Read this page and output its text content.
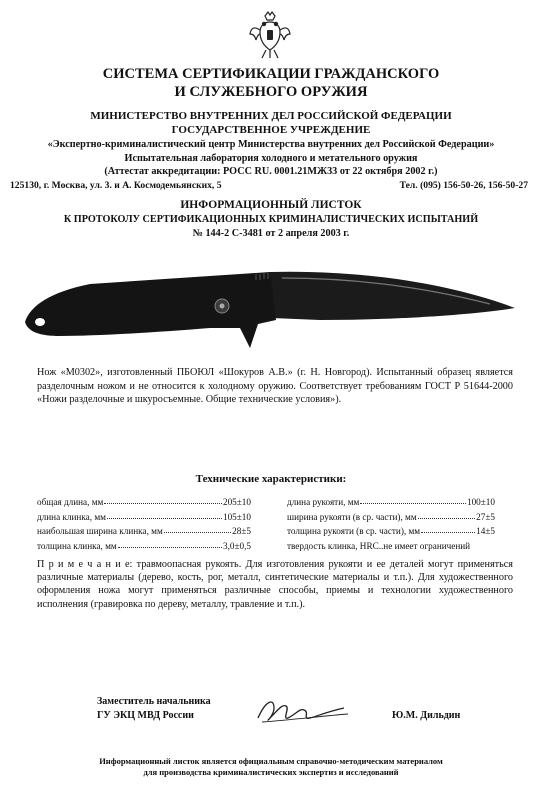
СИСТЕМА СЕРТИФИКАЦИИ ГРАЖДАНСКОГО
И СЛУЖЕБНОГО ОРУЖИЯ
МИНИСТЕРСТВО ВНУТРЕННИХ ДЕЛ РОССИЙСКОЙ ФЕДЕРАЦИИ
ГОСУДАРСТВЕННОЕ УЧРЕЖДЕНИЕ
«Экспертно-криминалистический центр Министерства внутренних дел Российской Федерации»
Испытательная лаборатория холодного и метательного оружия
(Аттестат аккредитации: РОСС RU. 0001.21МЖ33 от 22 октября 2002 г.)
125130, г. Москва, ул. 3. и А. Космодемьянских, 5	Тел. (095) 156-50-26, 156-50-27
ИНФОРМАЦИОННЫЙ ЛИСТОК
К ПРОТОКОЛУ СЕРТИФИКАЦИОННЫХ КРИМИНАЛИСТИЧЕСКИХ ИСПЫТАНИЙ
№ 144-2 С-3481 от 2 апреля 2003 г.
Нож «М0302», изготовленный ПБОЮЛ «Шокуров А.В.» (г. Н. Новгород). Испытанный образец является разделочным ножом и не относится к холодному оружию. Соответствует требованиям ГОСТ Р 51644-2000 «Ножи разделочные и шкуросъемные. Общие технические условия»).
Технические характеристики:
общая длина, мм	205±10
длина клинка, мм	105±10
наибольшая ширина клинка, мм	28±5
толщина клинка, мм	3,0±0,5
длина рукояти, мм	100±10
ширина рукояти (в ср. части), мм	27±5
толщина рукояти (в ср. части), мм	14±5
твердость клинка, HRC.. не имеет ограничений
П р и м е ч а н и е: травмоопасная рукоять. Для изготовления рукояти и ее деталей могут применяться различные материалы (дерево, кость, рог, металл, синтетические материалы и т.п.). Для художественного оформления ножа могут применяться различные способы, приемы и технологии художественного исполнения (гравировка по дереву, металлу, травление и т.п.).
Заместитель начальника
ГУ ЭКЦ МВД России	Ю.М. Дильдин
Информационный листок является официальным справочно-методическим материалом
для производства криминалистических экспертиз и исследований
